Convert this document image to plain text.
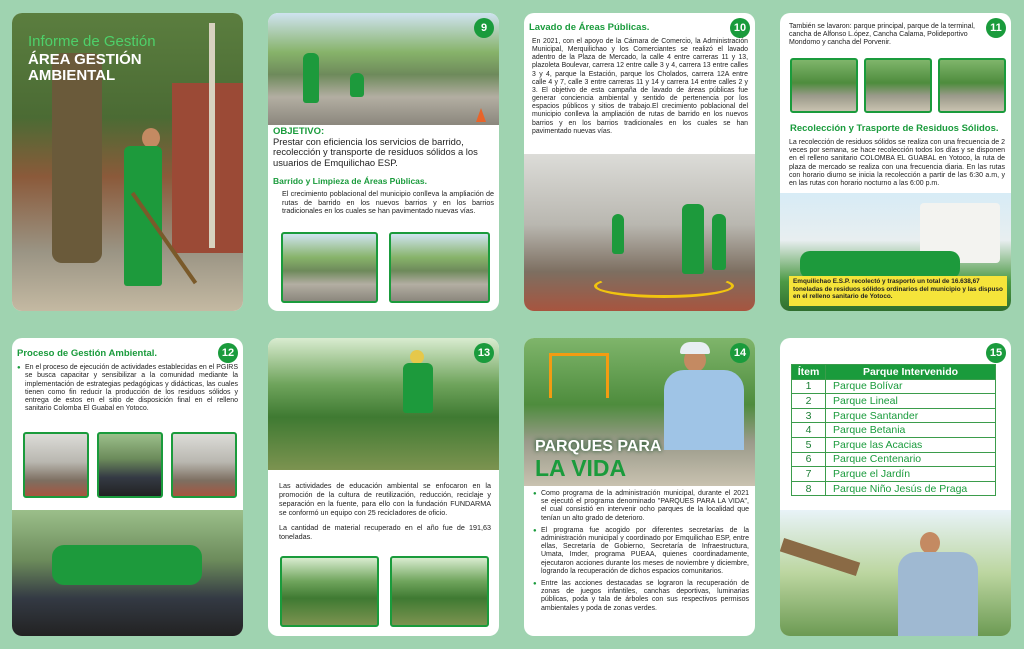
Informe de Gestión
ÁREA GESTIÓN
AMBIENTAL
9
OBJETIVO:
Prestar con eficiencia los servicios de barrido, recolección y transporte de residuos sólidos a los usuarios de Emquilichao ESP.
Barrido y Limpieza de Áreas Públicas.
El crecimiento poblacional del municipio conlleva la ampliación de rutas de barrido en los nuevos barrios y en los barrios tradicionales en los cuales se han pavimentado nuevas vías.
10
Lavado de Áreas Públicas.
En 2021, con el apoyo de la Cámara de Comercio, la Administración Municipal, Merquilichao y los Comerciantes se realizó el lavado adentro de la Plaza de Mercado, la calle 4 entre carreras 11 y 13, plazoleta Boulevar, carrera 12 entre calle 3 y 4, carrera 13 entre calles 3 y 4, parque la Estación, parque los Cholados, carrera 12A entre calle 4 y 7, calle 3 entre carreras 11 y 14 y carrera 14 entre calles 2 y 3. El objetivo de esta campaña de lavado de áreas públicas fue generar conciencia ambiental y sentido de pertenencia por los espacios públicos y sitios de trabajo.El crecimiento poblacional del municipio conlleva la ampliación de rutas de barrido en los nuevos barrios y en los barrios tradicionales en los cuales se han pavimentado nuevas vías.
11
También se lavaron: parque principal, parque de la terminal, cancha de Alfonso L.ópez, Cancha Calama, Polideportivo Mondomo y cancha del Porvenir.
Recolección y Trasporte de Residuos Sólidos.
La recolección de residuos sólidos se realiza con una frecuencia de 2 veces por semana, se hace recolección todos los días y se disponen en el relleno sanitario COLOMBA EL GUABAL en Yotoco, la ruta de plaza de mercado se realiza con una frecuencia diaria. En las rutas con horario diurno se inicia la recolección a partir de las 6:30 a.m, y en las rutas con horario nocturno a las 6:00 p.m.
Emquilichao E.S.P. recolectó y trasportó un total de 16.638,67 toneladas de residuos sólidos ordinarios del municipio y las dispuso en el relleno sanitario de Yotoco.
12
Proceso de Gestión Ambiental.
● En el proceso de ejecución de actividades establecidas en el PGIRS se busca capacitar y sensibilizar a la comunidad mediante la implementación de estrategias pedagógicas y didácticas, las cuales tienen como fin reducir la producción de los residuos sólidos y entrega de estos en el sitio de disposición final en el relleno sanitario Colomba El Guabal en Yotoco.
13
Las actividades de educación ambiental se enfocaron en la promoción de la cultura de reutilización, reducción, reciclaje y separación en la fuente, para ello con la fundación FUNDARMA se conformó un equipo con 25 recicladores de oficio.
La cantidad de material recuperado en el año fue de 191,63 toneladas.
14
PARQUES PARA
LA VIDA
● Como programa de la administración municipal, durante el 2021 se ejecutó el programa denominado "PARQUES PARA LA VIDA", el cual consistió en intervenir ocho parques de la localidad que tenían un alto grado de deterioro.
● El programa fue acogido por diferentes secretarías de la administración municipal y coordinado por Emquilichao ESP, entre ellas, Secretaría de Gobierno, Secretaría de Infraestructura, Umata, Imder, programa PUEAA, quienes coordinadamente, ejecutaron acciones durante los meses de noviembre y diciembre, logrando la recuperación de dichos espacios comunitarios.
● Entre las acciones destacadas se lograron la recuperación de zonas de juegos infantiles, canchas deportivas, luminarias públicas, poda y tala de árboles con sus respectivos permisos ambientales y poda de zonas verdes.
15
Ítem	Parque Intervenido
1	Parque Bolívar
2	Parque Lineal
3	Parque Santander
4	Parque Betania
5	Parque las Acacias
6	Parque Centenario
7	Parque el Jardín
8	Parque Niño Jesús de Praga
